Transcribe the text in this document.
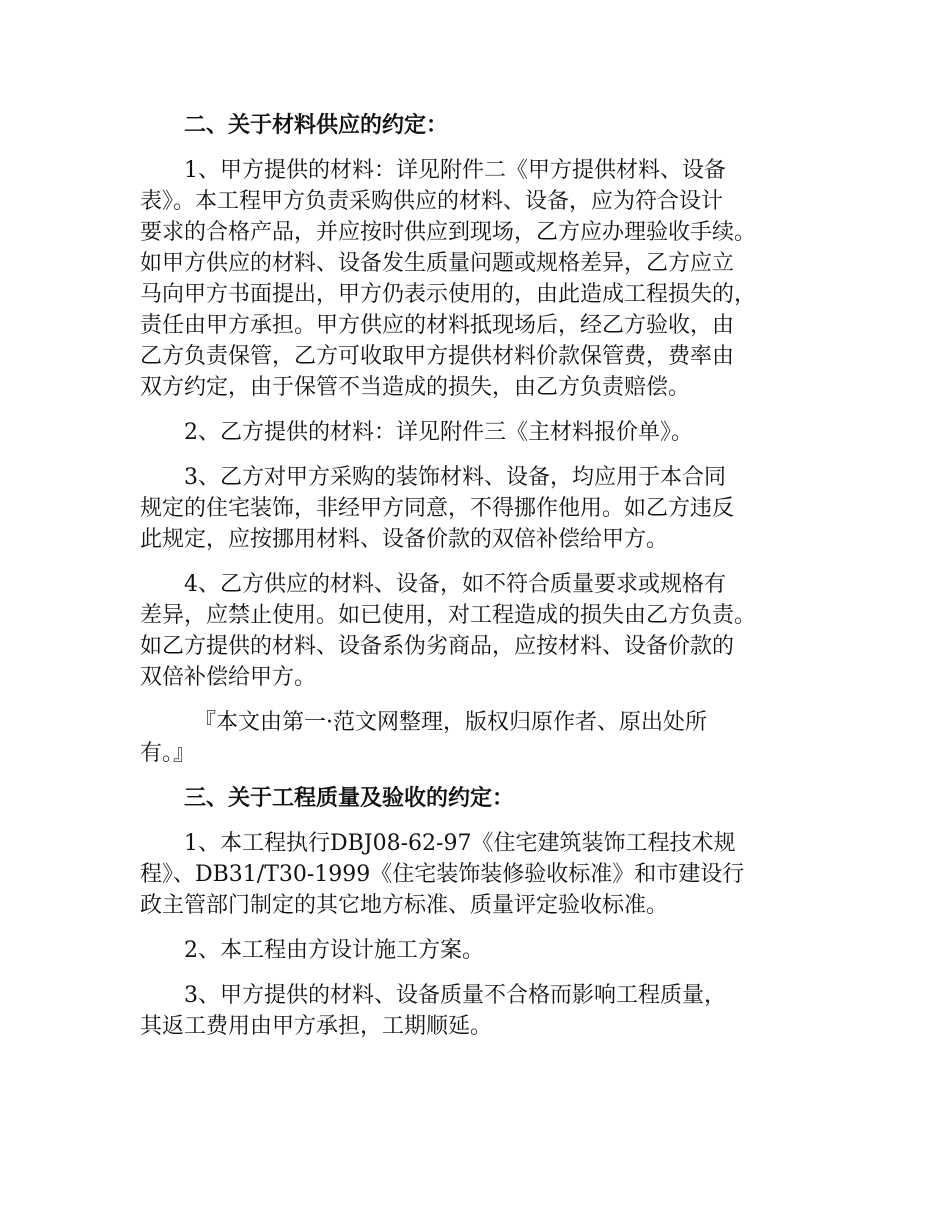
二、关于材料供应的约定：
1、甲方提供的材料：详见附件二《甲方提供材料、设备
表》。本工程甲方负责采购供应的材料、设备，应为符合设计
要求的合格产品，并应按时供应到现场，乙方应办理验收手续。
如甲方供应的材料、设备发生质量问题或规格差异，乙方应立
马向甲方书面提出，甲方仍表示使用的，由此造成工程损失的，
责任由甲方承担。甲方供应的材料抵现场后，经乙方验收，由
乙方负责保管，乙方可收取甲方提供材料价款保管费，费率由
双方约定，由于保管不当造成的损失，由乙方负责赔偿。
2、乙方提供的材料：详见附件三《主材料报价单》。
3、乙方对甲方采购的装饰材料、设备，均应用于本合同
规定的住宅装饰，非经甲方同意，不得挪作他用。如乙方违反
此规定，应按挪用材料、设备价款的双倍补偿给甲方。
4、乙方供应的材料、设备，如不符合质量要求或规格有
差异，应禁止使用。如已使用，对工程造成的损失由乙方负责。
如乙方提供的材料、设备系伪劣商品，应按材料、设备价款的
双倍补偿给甲方。
『本文由第一·范文网整理，版权归原作者、原出处所
有。』
三、关于工程质量及验收的约定：
1、本工程执行DBJ08-62-97《住宅建筑装饰工程技术规
程》、DB31/T30-1999《住宅装饰装修验收标准》和市建设行
政主管部门制定的其它地方标准、质量评定验收标准。
2、本工程由方设计施工方案。
3、甲方提供的材料、设备质量不合格而影响工程质量，
其返工费用由甲方承担，工期顺延。
